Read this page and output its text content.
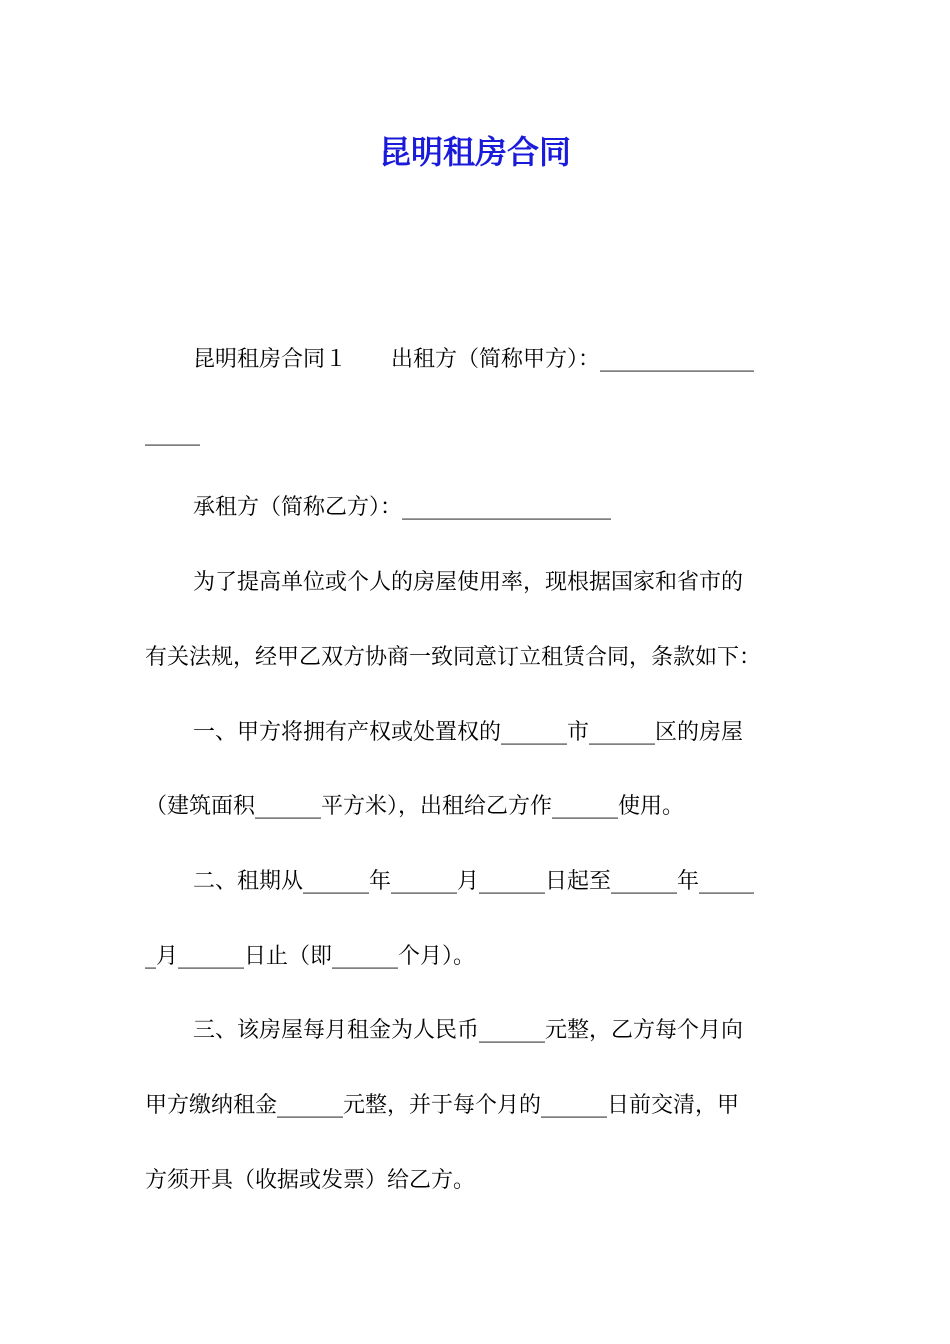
昆明租房合同
昆明租房合同１　　出租方（简称甲方）：______________
_____
承租方（简称乙方）：___________________
为了提高单位或个人的房屋使用率，现根据国家和省市的
有关法规，经甲乙双方协商一致同意订立租赁合同，条款如下：
一、甲方将拥有产权或处置权的______市______区的房屋
（建筑面积______平方米），出租给乙方作______使用。
二、租期从______年______月______日起至______年_____
_月______日止（即______个月）。
三、该房屋每月租金为人民币______元整，乙方每个月向
甲方缴纳租金______元整，并于每个月的______日前交清，甲
方须开具（收据或发票）给乙方。
